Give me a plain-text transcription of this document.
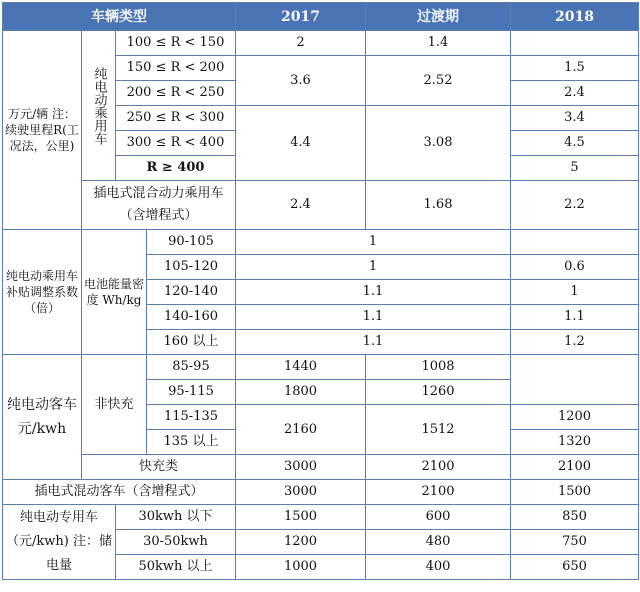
车辆类型				2017	过渡期	2018
万元/辆 注：续驶里程R(工况法，公里)	纯电动乘用车	100 ≤ R < 150		2	1.4	
		150 ≤ R < 200		3.6	2.52	1.5
		200 ≤ R < 250				2.4
		250 ≤ R < 300		4.4	3.08	3.4
		300 ≤ R < 400				4.5
		R ≥ 400				5
	插电式混合动力乘用车（含增程式）			2.4	1.68	2.2
纯电动乘用车补贴调整系数（倍）	电池能量密度 Wh/kg		90-105	1		
			105-120	1		0.6
			120-140	1.1		1
			140-160	1.1		1.1
			160 以上	1.1		1.2
纯电动客车 元/kwh	非快充		85-95	1440	1008	
			95-115	1800	1260	
			115-135	2160	1512	1200
			135 以上			1320
	快充类			3000	2100	2100
插电式混动客车（含增程式）				3000	2100	1500
纯电动专用车（元/kwh) 注：储电量		30kwh 以下		1500	600	850
		30-50kwh		1200	480	750
		50kwh 以上		1000	400	650
